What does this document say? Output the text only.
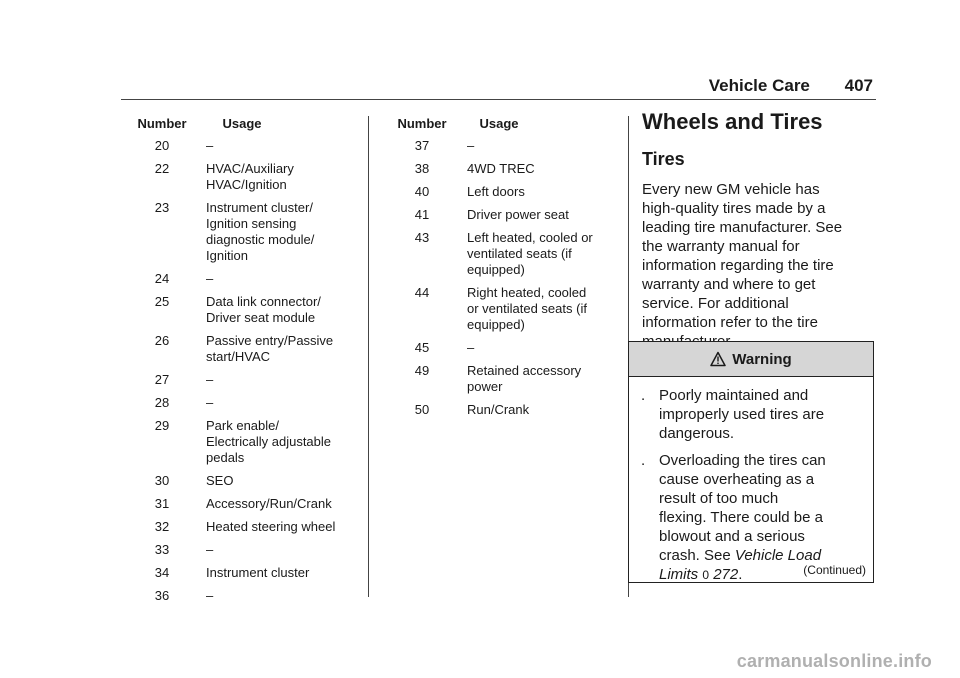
Vehicle Care 407
Number	Usage
20	–
22	HVAC/Auxiliary
HVAC/Ignition
23	Instrument cluster/
Ignition sensing
diagnostic module/
Ignition
24	–
25	Data link connector/
Driver seat module
26	Passive entry/Passive
start/HVAC
27	–
28	–
29	Park enable/
Electrically adjustable
pedals
30	SEO
31	Accessory/Run/Crank
32	Heated steering wheel
33	–
34	Instrument cluster
36	–
Number	Usage
37	–
38	4WD TREC
40	Left doors
41	Driver power seat
43	Left heated, cooled or
ventilated seats (if
equipped)
44	Right heated, cooled
or ventilated seats (if
equipped)
45	–
49	Retained accessory
power
50	Run/Crank
Wheels and Tires
Tires

Every new GM vehicle has
high-quality tires made by a
leading tire manufacturer. See
the warranty manual for
information regarding the tire
warranty and where to get
service. For additional
information refer to the tire

Warning
. Poorly maintained and
improperly used tires are
dangerous.

. Overloading the tires can
cause overheating as a
result of too much
flexing. There could be a
blowout and a serious
crash. See Vehicle Load
Limits 0 272.	(Continued)
carmanualsonline.info
